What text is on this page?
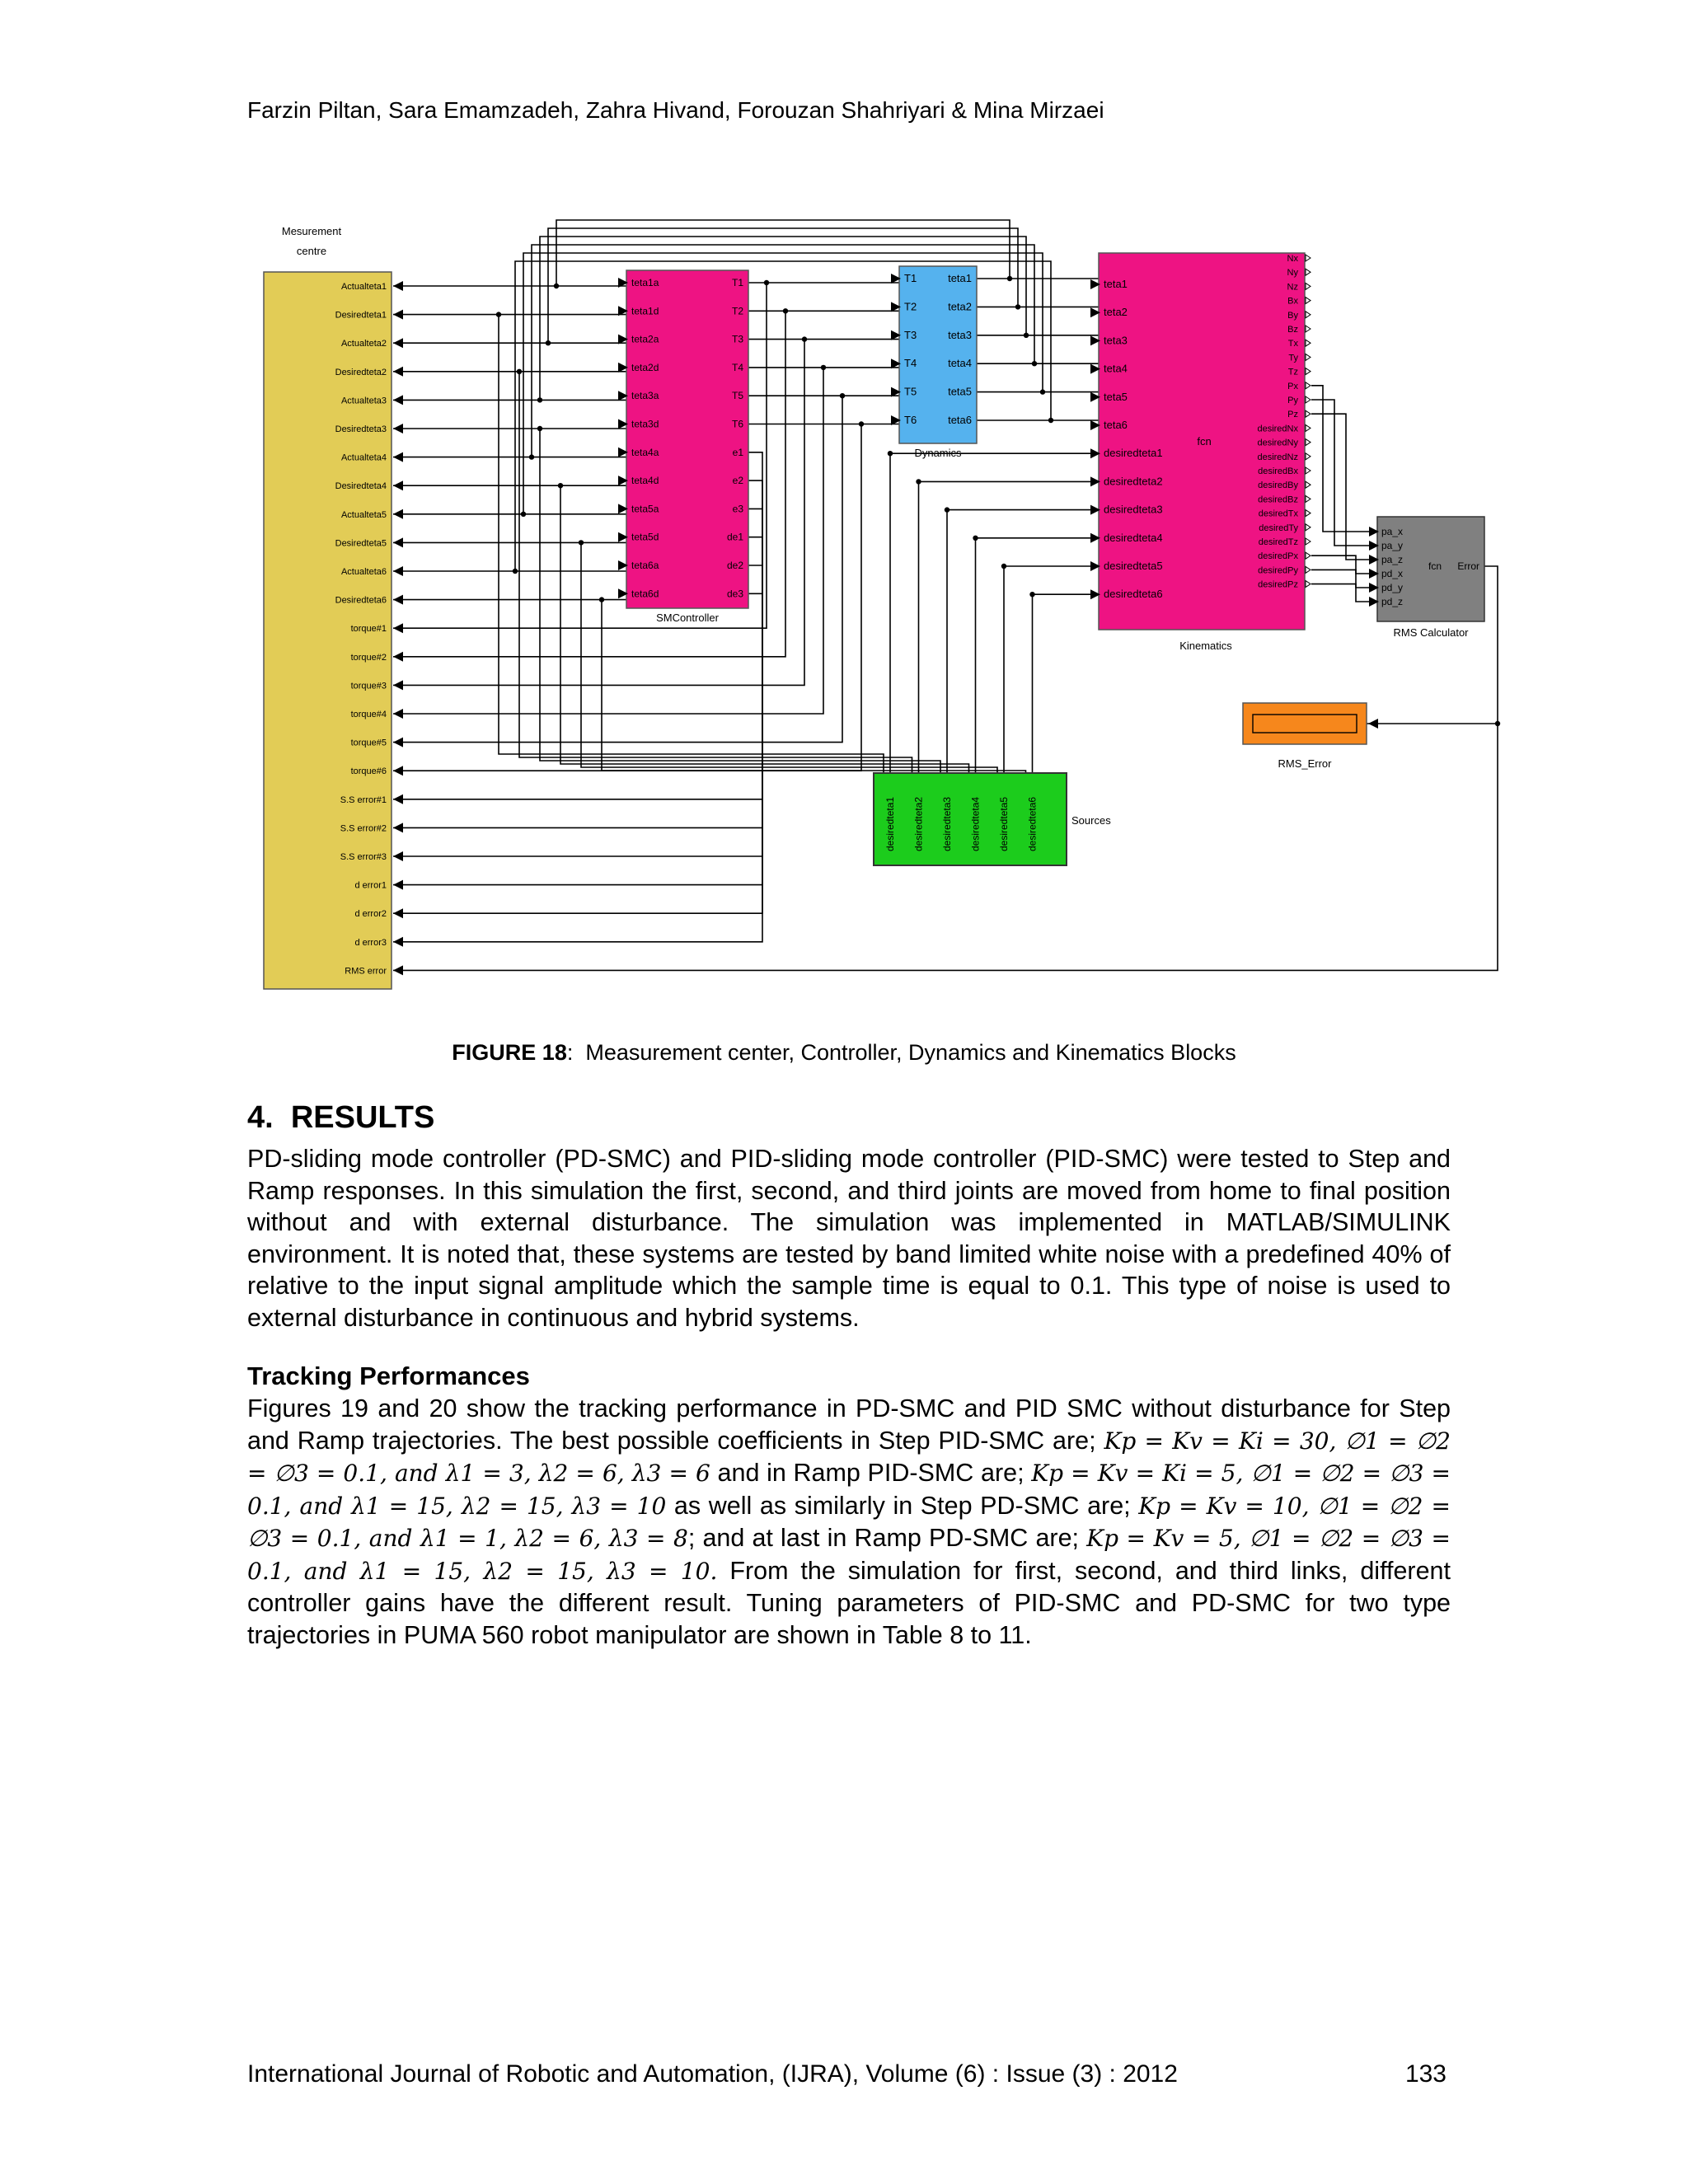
Farzin Piltan, Sara Emamzadeh, Zahra Hivand, Forouzan Shahriyari & Mina Mirzaei
Mesurement
centre
Actualteta1
Desiredteta1
Actualteta2
Desiredteta2
Actualteta3
Desiredteta3
Actualteta4
Desiredteta4
Actualteta5
Desiredteta5
Actualteta6
Desiredteta6
torque#1
torque#2
torque#3
torque#4
torque#5
torque#6
S.S error#1
S.S error#2
S.S error#3
d error1
d error2
d error3
RMS error
teta1a
teta1d
teta2a
teta2d
teta3a
teta3d
teta4a
teta4d
teta5a
teta5d
teta6a
teta6d
T1
T2
T3
T4
T5
T6
e1
e2
e3
de1
de2
de3
SMController
T1
T2
T3
T4
T5
T6
teta1
teta2
teta3
teta4
teta5
teta6
Dynamics
teta1
teta2
teta3
teta4
teta5
teta6
desiredteta1
desiredteta2
desiredteta3
desiredteta4
desiredteta5
desiredteta6
Nx
Ny
Nz
Bx
By
Bz
Tx
Ty
Tz
Px
Py
Pz
desiredNx
desiredNy
desiredNz
desiredBx
desiredBy
desiredBz
desiredTx
desiredTy
desiredTz
desiredPx
desiredPy
desiredPz
fcn
Kinematics
pa_x
pa_y
pa_z
pd_x
pd_y
pd_z
fcn Error
RMS Calculator
RMS_Error
desiredteta1 desiredteta2 desiredteta3 desiredteta4 desiredteta5 desiredteta6	Sources
FIGURE 18: Measurement center, Controller, Dynamics and Kinematics Blocks
4. RESULTS
PD-sliding mode controller (PD-SMC) and PID-sliding mode controller (PID-SMC) were tested to Step and Ramp responses. In this simulation the first, second, and third joints are moved from home to final position without and with external disturbance. The simulation was implemented in MATLAB/SIMULINK environment. It is noted that, these systems are tested by band limited white noise with a predefined 40% of relative to the input signal amplitude which the sample time is equal to 0.1. This type of noise is used to external disturbance in continuous and hybrid systems.
Tracking Performances
Figures 19 and 20 show the tracking performance in PD-SMC and PID SMC without disturbance for Step and Ramp trajectories. The best possible coefficients in Step PID-SMC are; Kp = Kv = Ki = 30, ∅1 = ∅2 = ∅3 = 0.1, and λ1 = 3, λ2 = 6, λ3 = 6 and in Ramp PID-SMC are; Kp = Kv = Ki = 5, ∅1 = ∅2 = ∅3 = 0.1, and λ1 = 15, λ2 = 15, λ3 = 10 as well as similarly in Step PD-SMC are; Kp = Kv = 10, ∅1 = ∅2 = ∅3 = 0.1, and λ1 = 1, λ2 = 6, λ3 = 8; and at last in Ramp PD-SMC are; Kp = Kv = 5, ∅1 = ∅2 = ∅3 = 0.1, and λ1 = 15, λ2 = 15, λ3 = 10. From the simulation for first, second, and third links, different controller gains have the different result. Tuning parameters of PID-SMC and PD-SMC for two type trajectories in PUMA 560 robot manipulator are shown in Table 8 to 11.
International Journal of Robotic and Automation, (IJRA), Volume (6) : Issue (3) : 2012	133
